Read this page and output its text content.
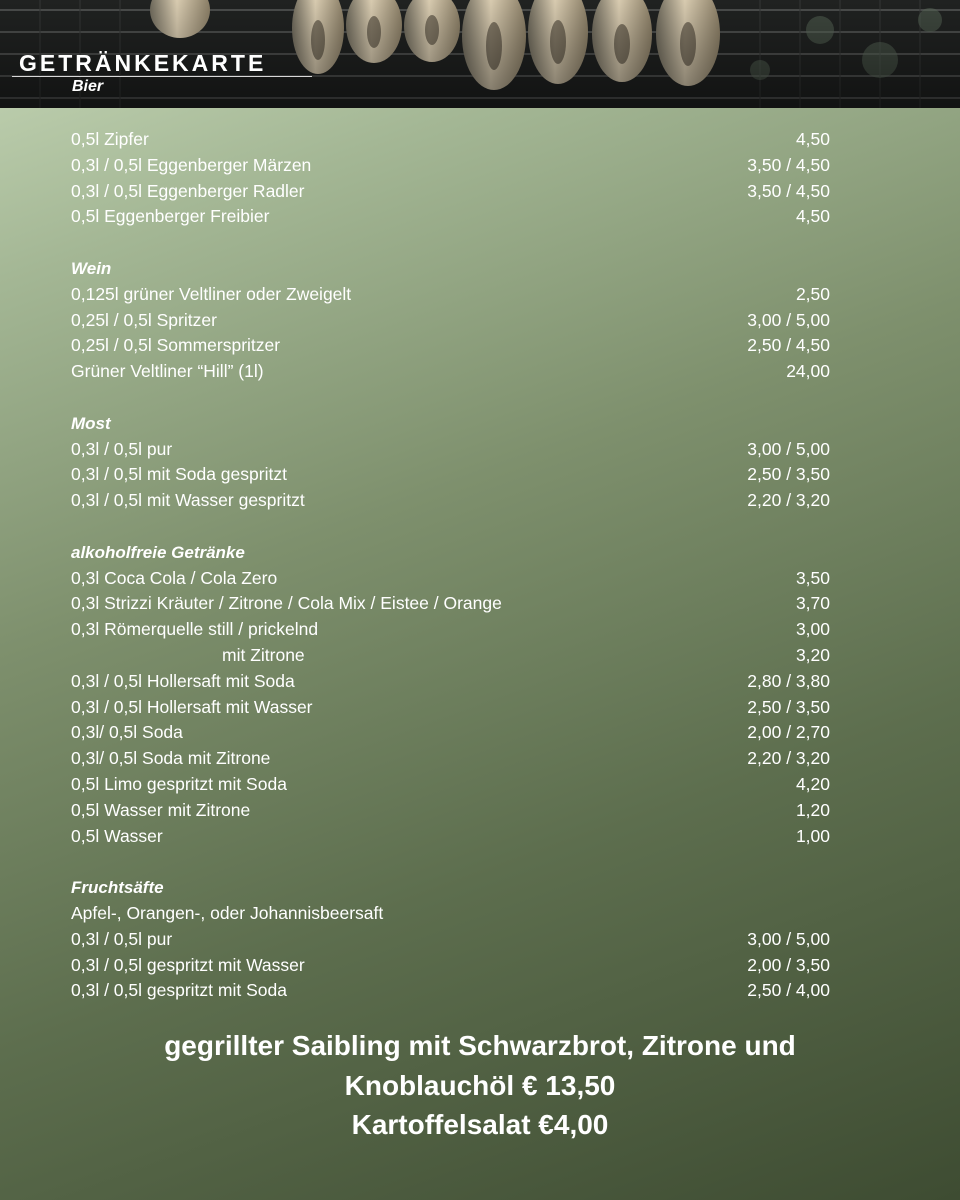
GETRÄNKEKARTE
Bier
0,5l Zipfer	4,50
0,3l / 0,5l Eggenberger Märzen	3,50 / 4,50
0,3l / 0,5l Eggenberger Radler	3,50 / 4,50
0,5l Eggenberger Freibier	4,50
Wein
0,125l grüner Veltliner oder Zweigelt	2,50
0,25l / 0,5l Spritzer	3,00 / 5,00
0,25l / 0,5l Sommerspritzer	2,50 / 4,50
Grüner Veltliner “Hill” (1l)	24,00
Most
0,3l / 0,5l pur	3,00 / 5,00
0,3l / 0,5l mit Soda gespritzt	2,50 / 3,50
0,3l / 0,5l mit Wasser gespritzt	2,20 / 3,20
alkoholfreie Getränke
0,3l Coca Cola / Cola Zero	3,50
0,3l Strizzi Kräuter / Zitrone / Cola Mix / Eistee / Orange	3,70
0,3l Römerquelle still / prickelnd	3,00
mit Zitrone	3,20
0,3l / 0,5l Hollersaft mit Soda	2,80 / 3,80
0,3l / 0,5l Hollersaft mit Wasser	2,50 / 3,50
0,3l/ 0,5l Soda	2,00 / 2,70
0,3l/ 0,5l Soda mit Zitrone	2,20 / 3,20
0,5l Limo gespritzt mit Soda	4,20
0,5l Wasser mit Zitrone	1,20
0,5l Wasser	1,00
Fruchtsäfte
Apfel-, Orangen-, oder Johannisbeersaft
0,3l / 0,5l pur	3,00 / 5,00
0,3l / 0,5l gespritzt mit Wasser	2,00 / 3,50
0,3l / 0,5l gespritzt mit Soda	2,50 / 4,00
gegrillter Saibling mit Schwarzbrot, Zitrone und
Knoblauchöl € 13,50
Kartoffelsalat €4,00
